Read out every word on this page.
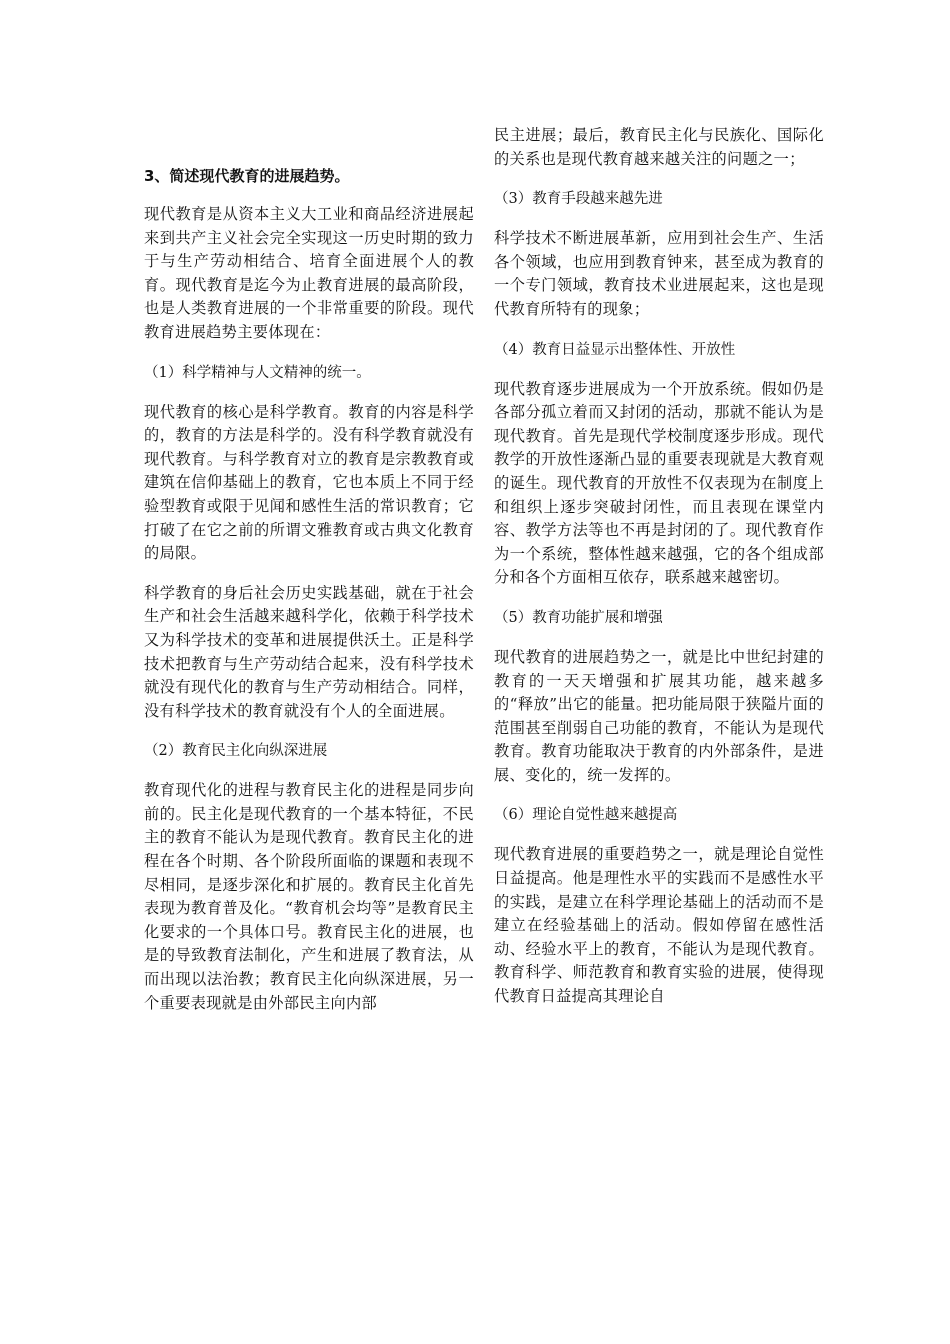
3、简述现代教育的进展趋势。

现代教育是从资本主义大工业和商品经济进展起来到共产主义社会完全实现这一历史时期的致力于与生产劳动相结合、培育全面进展个人的教育。现代教育是迄今为止教育进展的最高阶段，也是人类教育进展的一个非常重要的阶段。现代教育进展趋势主要体现在：

（1）科学精神与人文精神的统一。

现代教育的核心是科学教育。教育的内容是科学的，教育的方法是科学的。没有科学教育就没有现代教育。与科学教育对立的教育是宗教教育或建筑在信仰基础上的教育，它也本质上不同于经验型教育或限于见闻和感性生活的常识教育；它打破了在它之前的所谓文雅教育或古典文化教育的局限。

科学教育的身后社会历史实践基础，就在于社会生产和社会生活越来越科学化，依赖于科学技术又为科学技术的变革和进展提供沃土。正是科学技术把教育与生产劳动结合起来，没有科学技术就没有现代化的教育与生产劳动相结合。同样，没有科学技术的教育就没有个人的全面进展。

（2）教育民主化向纵深进展

教育现代化的进程与教育民主化的进程是同步向前的。民主化是现代教育的一个基本特征，不民主的教育不能认为是现代教育。教育民主化的进程在各个时期、各个阶段所面临的课题和表现不尽相同，是逐步深化和扩展的。教育民主化首先表现为教育普及化。“教育机会均等”是教育民主化要求的一个具体口号。教育民主化的进展，也是的导致教育法制化，产生和进展了教育法，从而出现以法治教；教育民主化向纵深进展，另一个重要表现就是由外部民主向内部

民主进展；最后，教育民主化与民族化、国际化的关系也是现代教育越来越关注的问题之一；

（3）教育手段越来越先进

科学技术不断进展革新，应用到社会生产、生活各个领域，也应用到教育钟来，甚至成为教育的一个专门领域，教育技术业进展起来，这也是现代教育所特有的现象；

（4）教育日益显示出整体性、开放性

现代教育逐步进展成为一个开放系统。假如仍是各部分孤立着而又封闭的活动，那就不能认为是现代教育。首先是现代学校制度逐步形成。现代教学的开放性逐渐凸显的重要表现就是大教育观的诞生。现代教育的开放性不仅表现为在制度上和组织上逐步突破封闭性，而且表现在课堂内容、教学方法等也不再是封闭的了。现代教育作为一个系统，整体性越来越强，它的各个组成部分和各个方面相互依存，联系越来越密切。

（5）教育功能扩展和增强

现代教育的进展趋势之一，就是比中世纪封建的教育的一天天增强和扩展其功能，越来越多的“释放”出它的能量。把功能局限于狭隘片面的范围甚至削弱自己功能的教育，不能认为是现代教育。教育功能取决于教育的内外部条件，是进展、变化的，统一发挥的。

（6）理论自觉性越来越提高

现代教育进展的重要趋势之一，就是理论自觉性日益提高。他是理性水平的实践而不是感性水平的实践，是建立在科学理论基础上的活动而不是建立在经验基础上的活动。假如停留在感性活动、经验水平上的教育，不能认为是现代教育。教育科学、师范教育和教育实验的进展，使得现代教育日益提高其理论自
